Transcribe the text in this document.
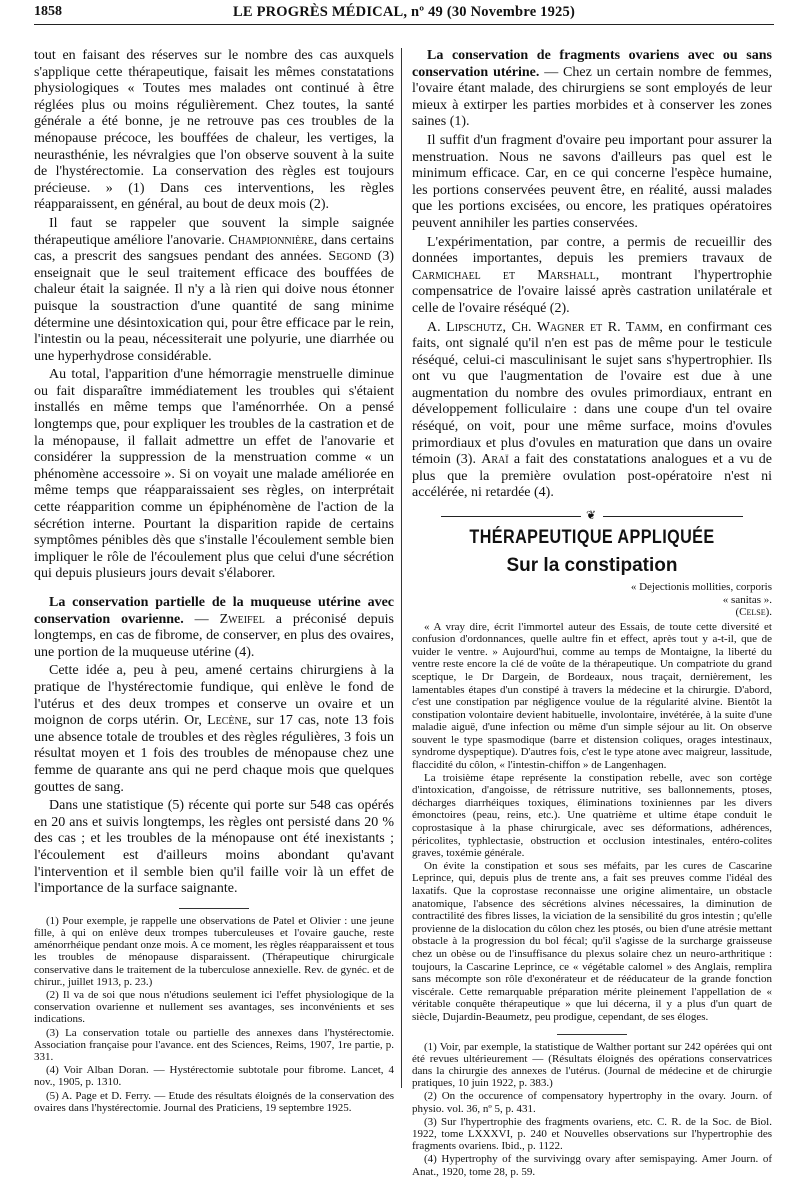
1858	LE PROGRÈS MÉDICAL, nº 49 (30 Novembre 1925)

tout en faisant des réserves sur le nombre des cas auxquels s'applique cette thérapeutique, faisait les mêmes constatations physiologiques « Toutes mes malades ont continué à être réglées plus ou moins régulièrement. Chez toutes, la santé générale a été bonne, je ne retrouve pas ces troubles de la ménopause précoce, les bouffées de chaleur, les vertiges, la neurasthénie, les névralgies que l'on observe souvent à la suite de l'hystérectomie. La conservation des règles est toujours précieuse. » (1) Dans ces interventions, les règles réapparaissent, en général, au bout de deux mois (2).

Il faut se rappeler que souvent la simple saignée thérapeutique améliore l'anovarie. Championnière, dans certains cas, a prescrit des sangsues pendant des années. Segond (3) enseignait que le seul traitement efficace des bouffées de chaleur était la saignée. Il n'y a là rien qui doive nous étonner puisque la soustraction d'une quantité de sang minime détermine une désintoxication qui, pour être efficace par le rein, l'intestin ou la peau, nécessiterait une polyurie, une diarrhée ou une hyperhydrose considérable.

Au total, l'apparition d'une hémorragie menstruelle diminue ou fait disparaître immédiatement les troubles qui s'étaient installés en même temps que l'aménorrhée. On a pensé longtemps que, pour expliquer les troubles de la castration et de la ménopause, il fallait admettre un effet de l'anovarie et considérer la suppression de la menstruation comme « un phénomène accessoire ». Si on voyait une malade améliorée en même temps que réapparaissaient ses règles, on interprétait cette réapparition comme un épiphénomène de l'action de la sécrétion interne. Pourtant la disparition rapide de certains symptômes pénibles dès que s'installe l'écoulement semble bien impliquer le rôle de l'écoulement plus que celui d'une sécrétion qui depuis plusieurs jours devait s'élaborer.

La conservation partielle de la muqueuse utérine avec conservation ovarienne. — Zweifel a préconisé depuis longtemps, en cas de fibrome, de conserver, en plus des ovaires, une portion de la muqueuse utérine (4).

Cette idée a, peu à peu, amené certains chirurgiens à la pratique de l'hystérectomie fundique, qui enlève le fond de l'utérus et des deux trompes et conserve un ovaire et un moignon de corps utérin. Or, Lecène, sur 17 cas, note 13 fois une absence totale de troubles et des règles régulières, 3 fois un résultat moyen et 1 fois des troubles de ménopause chez une femme de quarante ans qui ne perd chaque mois que quelques gouttes de sang.

Dans une statistique (5) récente qui porte sur 548 cas opérés en 20 ans et suivis longtemps, les règles ont persisté dans 20 % des cas ; et les troubles de la ménopause ont été inexistants ; l'écoulement est d'ailleurs moins abondant qu'avant l'intervention et il semble bien qu'il faille voir là un effet de l'importance de la surface saignante.

(1) Pour exemple, je rappelle une observations de Patel et Olivier : une jeune fille, à qui on enlève deux trompes tuberculeuses et l'ovaire gauche, reste aménorrhéique pendant onze mois. A ce moment, les règles réapparaissent et tous les troubles de ménopause disparaissent. (Thérapeutique chirurgicale conservative dans le traitement de la tuberculose annexielle. Rev. de gynéc. et de chirur., juillet 1913, p. 23.)

(2) Il va de soi que nous n'étudions seulement ici l'effet physiologique de la conservation ovarienne et nullement ses avantages, ses inconvénients et ses indications.

(3) La conservation totale ou partielle des annexes dans l'hystérectomie. Association française pour l'avance. ent des Sciences, Reims, 1907, 1re partie, p. 331.

(4) Voir Alban Doran. — Hystérectomie subtotale pour fibrome. Lancet, 4 nov., 1905, p. 1310.

(5) A. Page et D. Ferry. — Etude des résultats éloignés de la conservation des ovaires dans l'hystérectomie. Journal des Praticiens, 19 septembre 1925.

La conservation de fragments ovariens avec ou sans conservation utérine. — Chez un certain nombre de femmes, l'ovaire étant malade, des chirurgiens se sont employés de leur mieux à extirper les parties morbides et à conserver les zones saines (1).

Il suffit d'un fragment d'ovaire peu important pour assurer la menstruation. Nous ne savons d'ailleurs pas quel est le minimum efficace. Car, en ce qui concerne l'espèce humaine, les portions conservées peuvent être, en réalité, aussi malades que les portions excisées, ou encore, les pratiques opératoires peuvent annihiler les parties conservées.

L'expérimentation, par contre, a permis de recueillir des données importantes, depuis les premiers travaux de Carmichael et Marshall, montrant l'hypertrophie compensatrice de l'ovaire laissé après castration unilatérale et celle de l'ovaire réséqué (2).

A. Lipschutz, Ch. Wagner et R. Tamm, en confirmant ces faits, ont signalé qu'il n'en est pas de même pour le testicule réséqué, celui-ci masculinisant le sujet sans s'hypertrophier. Ils ont vu que l'augmentation de l'ovaire est due à une augmentation du nombre des ovules primordiaux, entrant en développement folliculaire : dans une coupe d'un tel ovaire réséqué, on voit, pour une même surface, moins d'ovules primordiaux et plus d'ovules en maturation que dans un ovaire témoin (3). Araï a fait des constatations analogues et a vu de plus que la première ovulation post-opératoire n'est ni accélérée, ni retardée (4).

❦
THÉRAPEUTIQUE APPLIQUÉE
Sur la constipation
« Dejectionis mollities, corporis
« sanitas ».
(Celse).

« A vray dire, écrit l'immortel auteur des Essais, de toute cette diversité et confusion d'ordonnances, quelle aultre fin et effect, après tout y a-t-il, que de vuider le ventre. » Aujourd'hui, comme au temps de Montaigne, la liberté du ventre reste encore la clé de voûte de la thérapeutique. Un compatriote du grand sceptique, le Dr Dargein, de Bordeaux, nous traçait, dernièrement, les lamentables étapes d'un constipé à travers la médecine et la chirurgie. D'abord, c'est une constipation par négligence voulue de la régularité alvine. Bientôt la constipation volontaire devient habituelle, involontaire, invétérée, à la suite d'une maladie aiguë, d'une infection ou même d'un simple séjour au lit. On observe souvent le type spasmodique (barre et distension coliques, orages intestinaux, syndrome dyspeptique). D'autres fois, c'est le type atone avec maigreur, lassitude, flaccidité du côlon, « l'intestin-chiffon » de Langenhagen.

La troisième étape représente la constipation rebelle, avec son cortège d'intoxication, d'angoisse, de rétrissure nutritive, ses ballonnements, ptoses, décharges diarrhéiques toxiques, éliminations toxiniennes par les divers émonctoires (peau, reins, etc.). Une quatrième et ultime étape conduit le coprostasique à la phase chirurgicale, avec ses déformations, adhérences, péricolites, typhlectasie, obstruction et occlusion intestinales, entéro-colites graves, toxémie générale.

On évite la constipation et sous ses méfaits, par les cures de Cascarine Leprince, qui, depuis plus de trente ans, a fait ses preuves comme l'idéal des laxatifs. Que la coprostase reconnaisse une origine alimentaire, un obstacle anatomique, l'absence des sécrétions alvines nécessaires, la diminution de contractilité des fibres lisses, la viciation de la sensibilité du gros intestin ; qu'elle provienne de la dislocation du côlon chez les ptosés, ou bien d'une atrésie mettant obstacle à la progression du bol fécal; qu'il s'agisse de la surcharge graisseuse chez un obèse ou de l'insuffisance du plexus solaire chez un neuro-arthritique : toujours, la Cascarine Leprince, ce « végétable calomel » des Anglais, remplira sans mécompte son rôle d'exonérateur et de rééducateur de la grande fonction viscérale. Cette remarquable préparation mérite pleinement l'appellation de « véritable conquête thérapeutique » que lui décerna, il y a plus d'un quart de siècle, Dujardin-Beaumetz, peu prodigue, cependant, de ses éloges.

(1) Voir, par exemple, la statistique de Walther portant sur 242 opérées qui ont été revues ultérieurement — (Résultats éloignés des opérations conservatrices dans la chirurgie des annexes de l'utérus. (Journal de médecine et de chirurgie pratiques, 10 juin 1922, p. 383.)

(2) On the occurence of compensatory hypertrophy in the ovary. Journ. of physio. vol. 36, nº 5, p. 431.

(3) Sur l'hypertrophie des fragments ovariens, etc. C. R. de la Soc. de Biol. 1922, tome LXXXVI, p. 240 et Nouvelles observations sur l'hypertrophie des fragments ovariens. Ibid., p. 1122.

(4) Hypertrophy of the survivingg ovary after semispaying. Amer Journ. of Anat., 1920, tome 28, p. 59.
